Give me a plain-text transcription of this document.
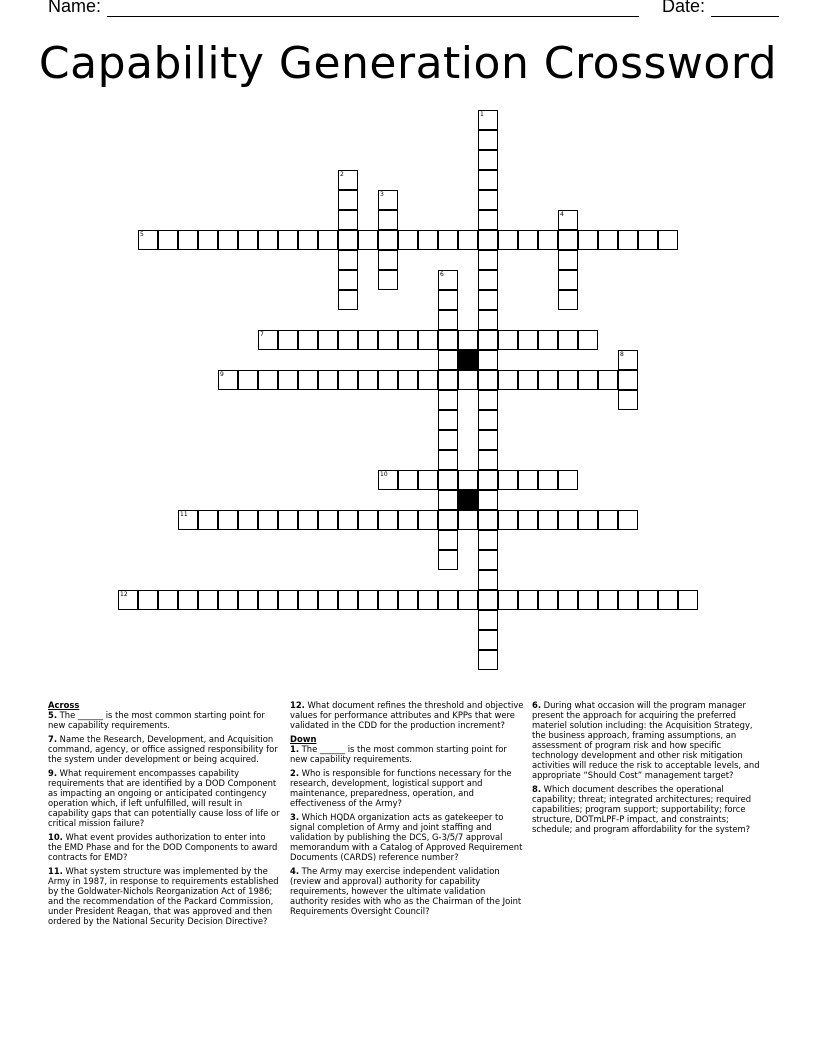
Name:	Date:
Capability Generation Crossword
1
2
3
4
5
6
7
8
9
10
11
12

Across

5. The ______ is the most common starting point for new capability requirements.

7. Name the Research, Development, and Acquisition command, agency, or office assigned responsibility for the system under development or being acquired.

9. What requirement encompasses capability requirements that are identified by a DOD Component as impacting an ongoing or anticipated contingency operation which, if left unfulfilled, will result in capability gaps that can potentially cause loss of life or critical mission failure?

10. What event provides authorization to enter into the EMD Phase and for the DOD Components to award contracts for EMD?

11. What system structure was implemented by the Army in 1987, in response to requirements established by the Goldwater-Nichols Reorganization Act of 1986; and the recommendation of the Packard Commission, under President Reagan, that was approved and then ordered by the National Security Decision Directive?

12. What document refines the threshold and objective values for performance attributes and KPPs that were validated in the CDD for the production increment?

Down

1. The ______ is the most common starting point for new capability requirements.

2. Who is responsible for functions necessary for the research, development, logistical support and maintenance, preparedness, operation, and effectiveness of the Army?

3. Which HQDA organization acts as gatekeeper to signal completion of Army and joint staffing and validation by publishing the DCS, G-3/5/7 approval memorandum with a Catalog of Approved Requirement Documents (CARDS) reference number?

4. The Army may exercise independent validation (review and approval) authority for capability requirements, however the ultimate validation authority resides with who as the Chairman of the Joint Requirements Oversight Council?

6. During what occasion will the program manager present the approach for acquiring the preferred materiel solution including: the Acquisition Strategy, the business approach, framing assumptions, an assessment of program risk and how specific technology development and other risk mitigation activities will reduce the risk to acceptable levels, and appropriate “Should Cost” management target?

8. Which document describes the operational capability; threat; integrated architectures; required capabilities; program support; supportability; force structure, DOTmLPF-P impact, and constraints; schedule; and program affordability for the system?
